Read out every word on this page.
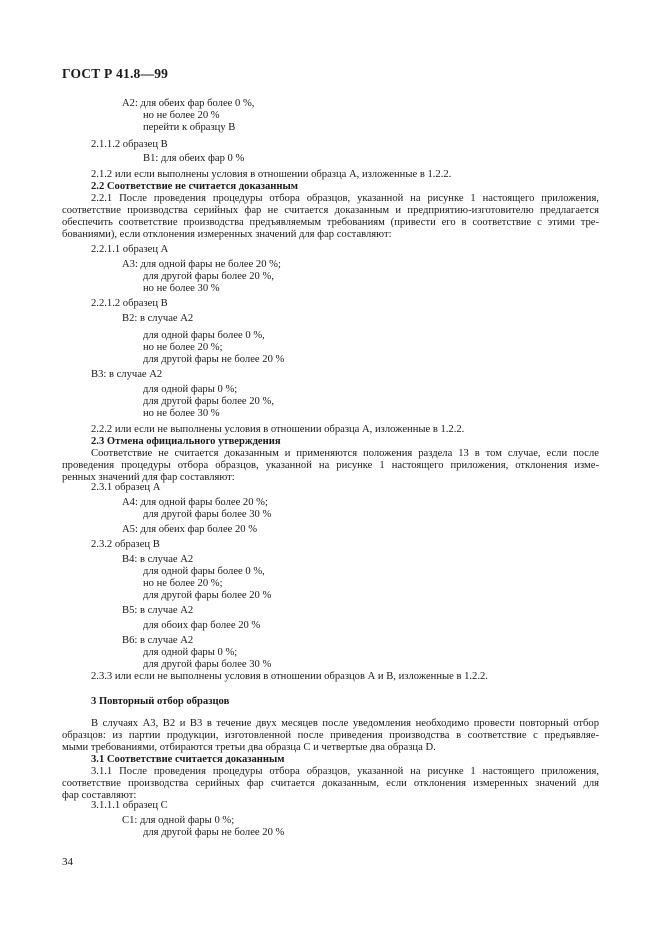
ГОСТ Р 41.8—99
А2: для обеих фар более 0 %,
но не более 20 %
перейти к образцу В
2.1.1.2 образец В
В1: для обеих фар 0 %
2.1.2 или если выполнены условия в отношении образца А, изложенные в 1.2.2.
2.2 Соответствие не считается доказанным
2.2.1 После проведения процедуры отбора образцов, указанной на рисунке 1 настоящего приложения,
соответствие производства серийных фар не считается доказанным и предприятию-изготовителю предлагается
обеспечить соответствие производства предъявляемым требованиям (привести его в соответствие с этими тре-
бованиями), если отклонения измеренных значений для фар составляют:
2.2.1.1 образец А
А3: для одной фары не более 20 %;
для другой фары более 20 %,
но не более 30 %
2.2.1.2 образец В
В2: в случае А2
для одной фары более 0 %,
но не более 20 %;
для другой фары не более 20 %
В3: в случае А2
для одной фары 0 %;
для другой фары более 20 %,
но не более 30 %
2.2.2 или если не выполнены условия в отношении образца А, изложенные в 1.2.2.
2.3 Отмена официального утверждения
Соответствие не считается доказанным и применяются положения раздела 13 в том случае, если после
проведения процедуры отбора образцов, указанной на рисунке 1 настоящего приложения, отклонения изме-
ренных значений для фар составляют:
2.3.1 образец А
А4: для одной фары более 20 %;
для другой фары более 30 %
А5: для обеих фар более 20 %
2.3.2 образец В
В4: в случае А2
для одной фары более 0 %,
но не более 20 %;
для другой фары более 20 %
В5: в случае А2
для обоих фар более 20 %
В6: в случае А2
для одной фары 0 %;
для другой фары более 30 %
2.3.3 или если не выполнены условия в отношении образцов А и В, изложенные в 1.2.2.
3 Повторный отбор образцов
В случаях А3, В2 и В3 в течение двух месяцев после уведомления необходимо провести повторный отбор
образцов: из партии продукции, изготовленной после приведения производства в соответствие с предъявляе-
мыми требованиями, отбираются третьи два образца С и четвертые два образца D.
3.1 Соответствие считается доказанным
3.1.1 После проведения процедуры отбора образцов, указанной на рисунке 1 настоящего приложения,
соответствие производства серийных фар считается доказанным, если отклонения измеренных значений для
фар составляют:
3.1.1.1 образец С
С1: для одной фары 0 %;
для другой фары не более 20 %
34
